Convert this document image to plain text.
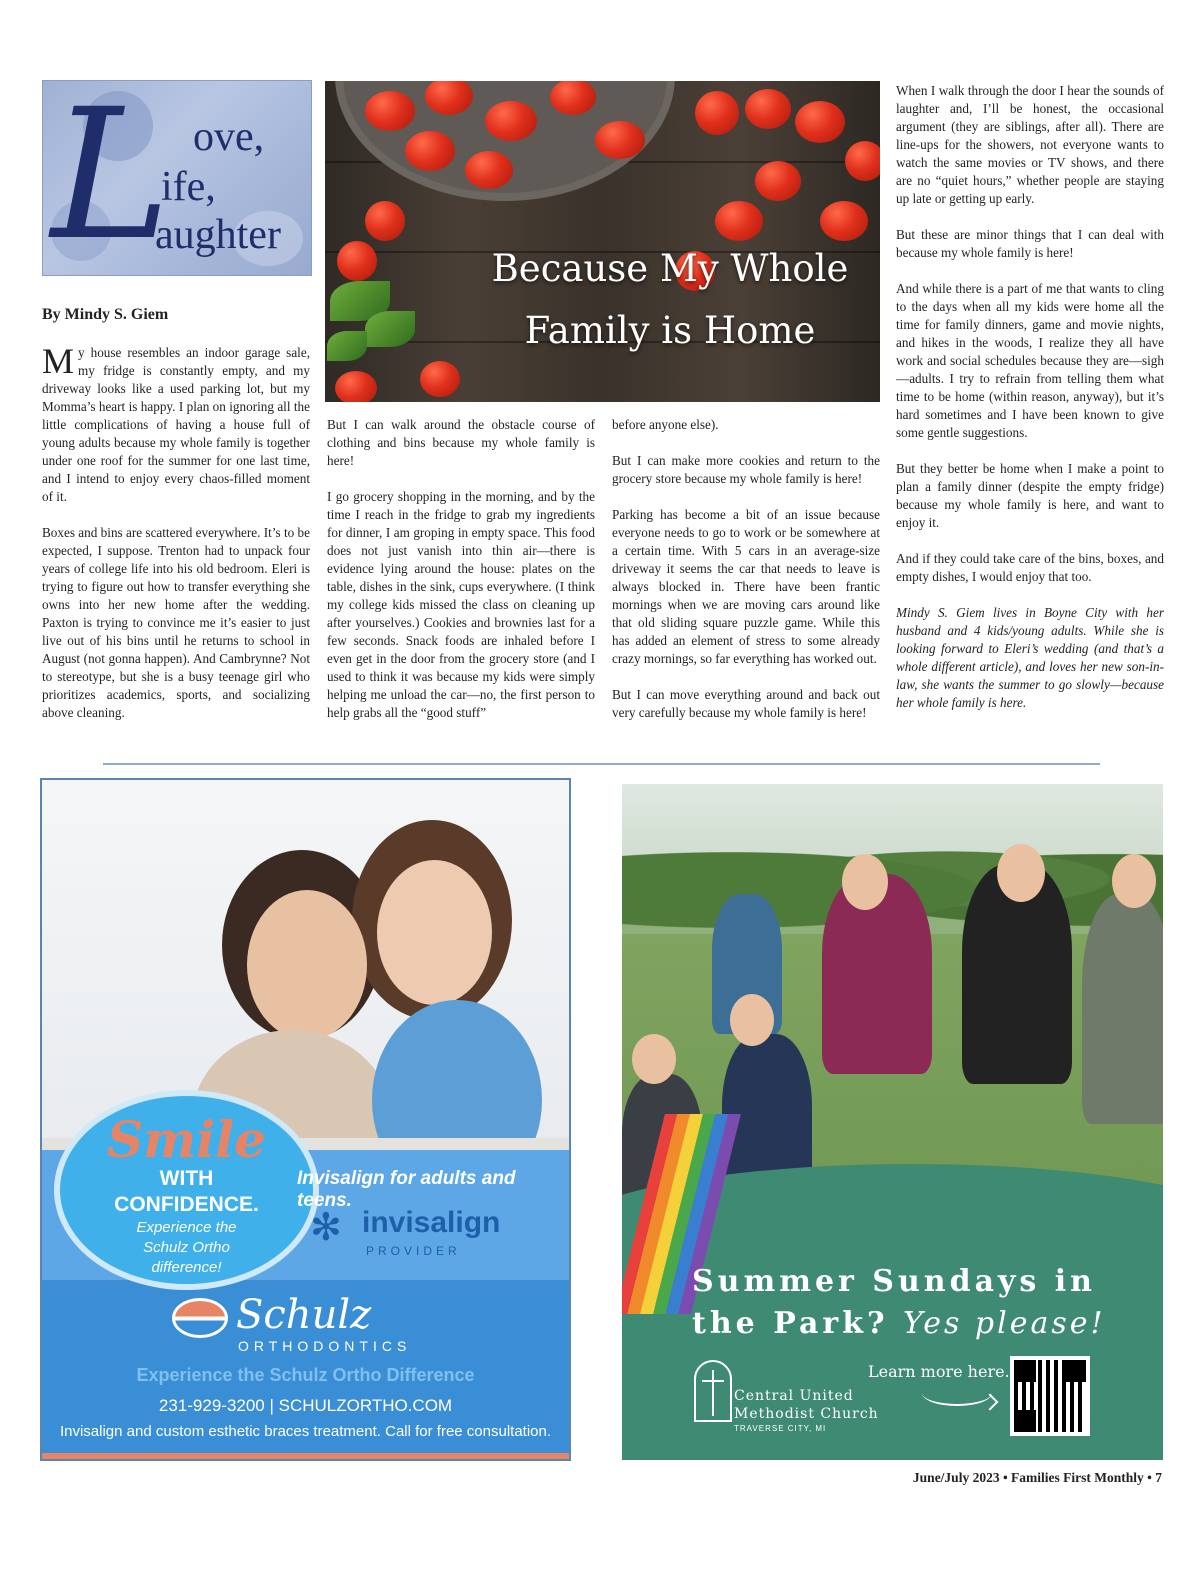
L ove,
ife,
aughter
By Mindy S. Giem

My house resembles an indoor garage sale, my fridge is constantly empty, and my driveway looks like a used parking lot, but my Momma’s heart is happy. I plan on ignoring all the little complications of having a house full of young adults because my whole family is together under one roof for the summer for one last time, and I intend to enjoy every chaos-filled moment of it.

Boxes and bins are scattered everywhere. It’s to be expected, I suppose. Trenton had to unpack four years of college life into his old bedroom. Eleri is trying to figure out how to transfer everything she owns into her new home after the wedding. Paxton is trying to convince me it’s easier to just live out of his bins until he returns to school in August (not gonna happen). And Cambrynne? Not to stereotype, but she is a busy teenage girl who prioritizes academics, sports, and socializing above cleaning.

Because My Whole
Family is Home

But I can walk around the obstacle course of clothing and bins because my whole family is here!

I go grocery shopping in the morning, and by the time I reach in the fridge to grab my ingredients for dinner, I am groping in empty space. This food does not just vanish into thin air—there is evidence lying around the house: plates on the table, dishes in the sink, cups everywhere. (I think my college kids missed the class on cleaning up after yourselves.) Cookies and brownies last for a few seconds. Snack foods are inhaled before I even get in the door from the grocery store (and I used to think it was because my kids were simply helping me unload the car—no, the first person to help grabs all the “good stuff”

before anyone else).

But I can make more cookies and return to the grocery store because my whole family is here!

Parking has become a bit of an issue because everyone needs to go to work or be somewhere at a certain time. With 5 cars in an average-size driveway it seems the car that needs to leave is always blocked in. There have been frantic mornings when we are moving cars around like that old sliding square puzzle game. While this has added an element of stress to some already crazy mornings, so far everything has worked out.

But I can move everything around and back out very carefully because my whole family is here!

When I walk through the door I hear the sounds of laughter and, I’ll be honest, the occasional argument (they are siblings, after all). There are line-ups for the showers, not everyone wants to watch the same movies or TV shows, and there are no “quiet hours,” whether people are staying up late or getting up early.

But these are minor things that I can deal with because my whole family is here!

And while there is a part of me that wants to cling to the days when all my kids were home all the time for family dinners, game and movie nights, and hikes in the woods, I realize they all have work and social schedules because they are—sigh—adults. I try to refrain from telling them what time to be home (within reason, anyway), but it’s hard sometimes and I have been known to give some gentle suggestions.

But they better be home when I make a point to plan a family dinner (despite the empty fridge) because my whole family is here, and want to enjoy it.

And if they could take care of the bins, boxes, and empty dishes, I would enjoy that too.

Mindy S. Giem lives in Boyne City with her husband and 4 kids/young adults. While she is looking forward to Eleri’s wedding (and that’s a whole different article), and loves her new son-in-law, she wants the summer to go slowly—because her whole family is here.

Smile
WITH
CONFIDENCE.
Experience the
Schulz Ortho
difference!
Invisalign for adults and teens.
✻ invisalign
PROVIDER
Schulz
ORTHODONTICS
Experience the Schulz Ortho Difference
231-929-3200 | SCHULZORTHO.COM
Invisalign and custom esthetic braces treatment. Call for free consultation.
Summer Sundays in
the Park? Yes please!
Learn more here.
Central United
Methodist Church
TRAVERSE CITY, MI
June/July 2023 • Families First Monthly • 7
